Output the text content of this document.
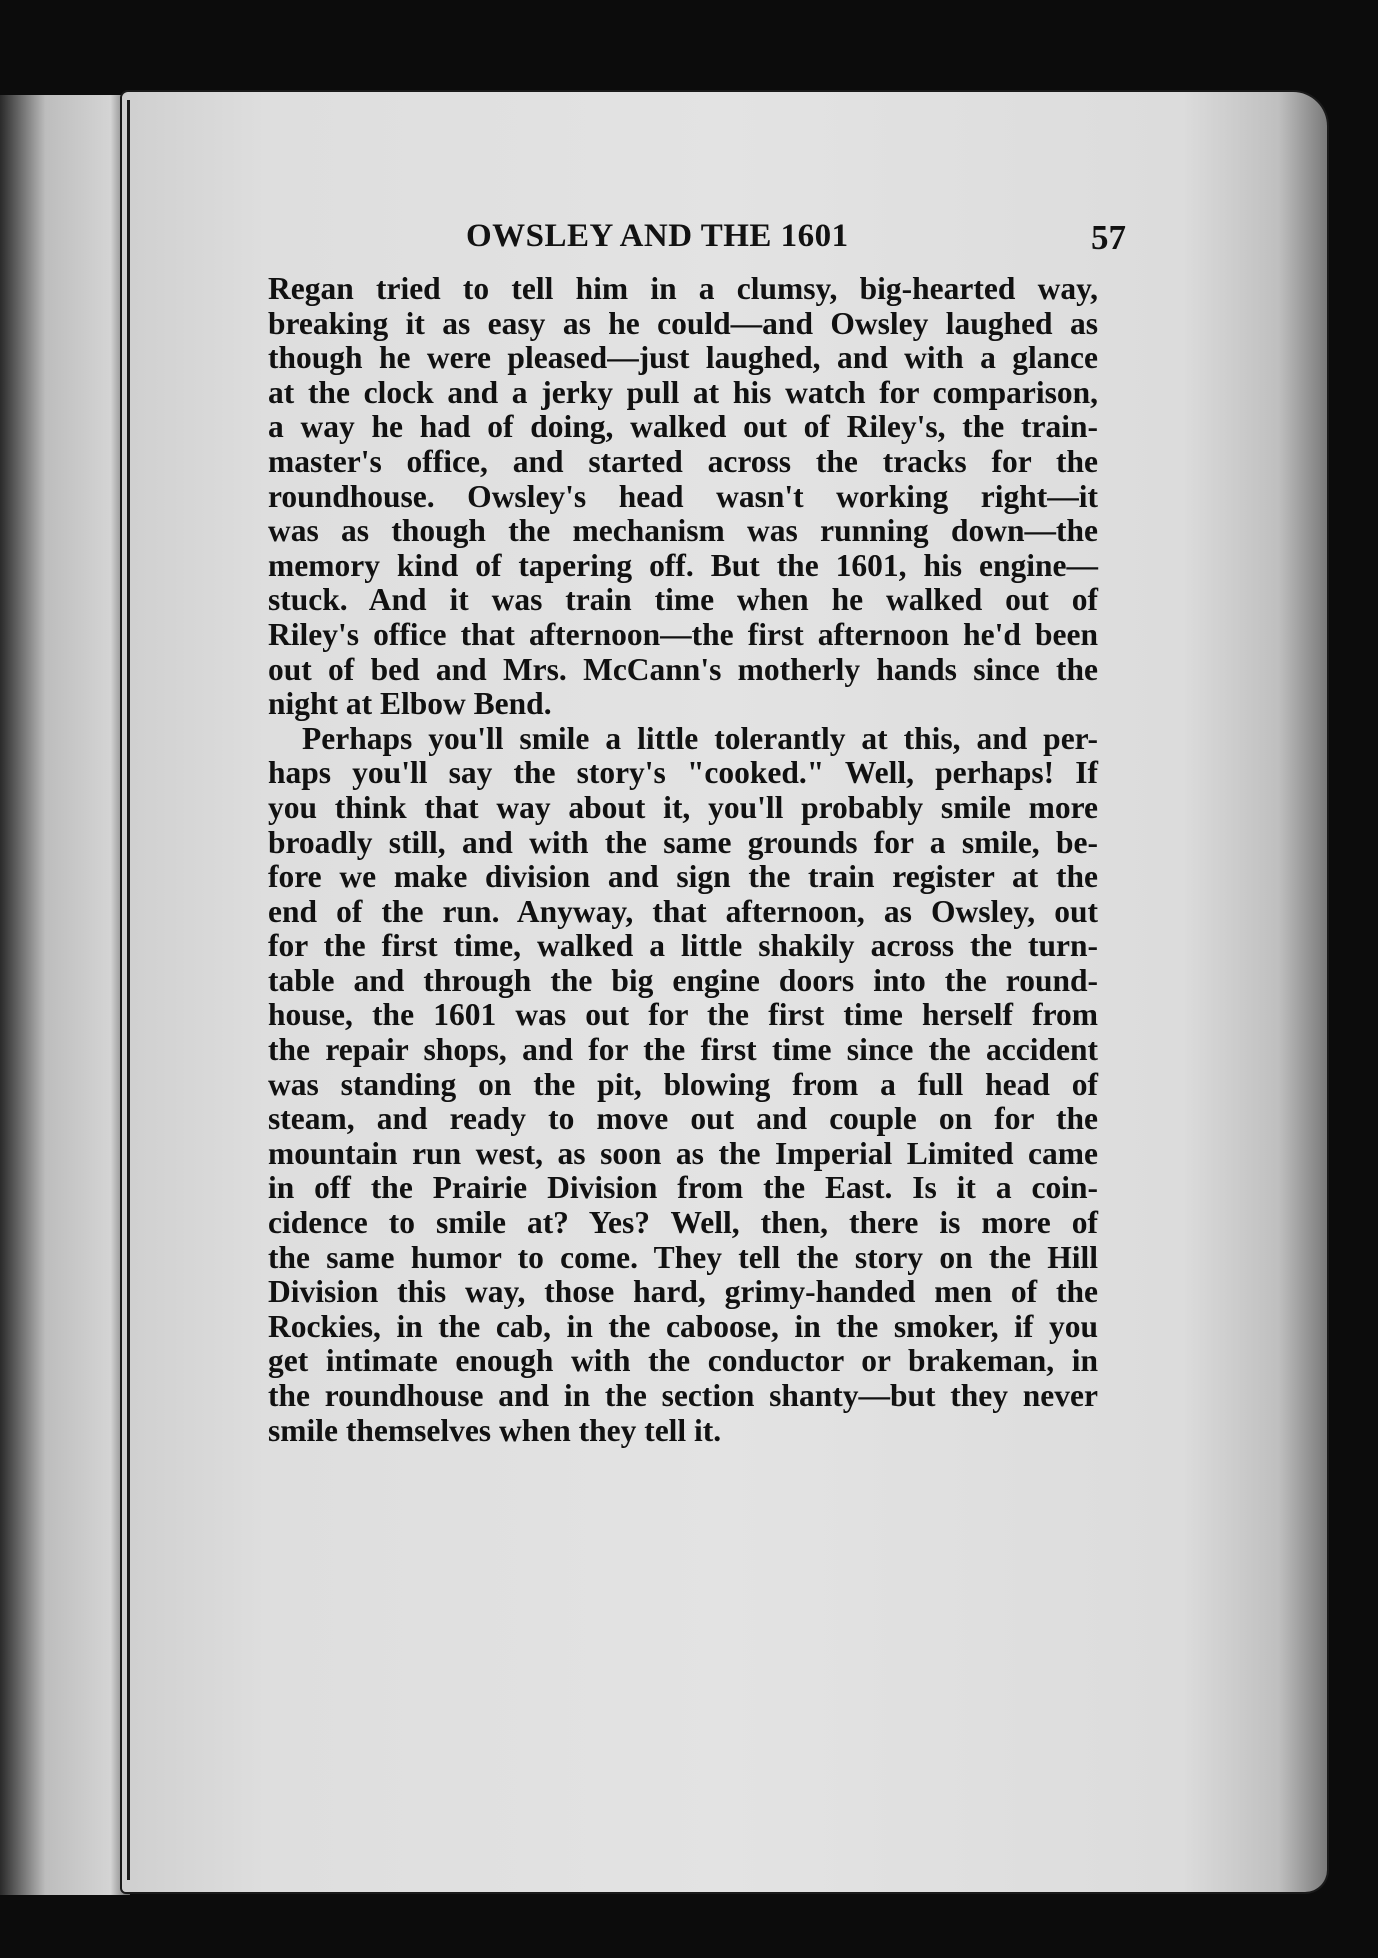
OWSLEY AND THE 1601	57
Regan tried to tell him in a clumsy, big-hearted way,
breaking it as easy as he could—and Owsley laughed as
though he were pleased—just laughed, and with a glance
at the clock and a jerky pull at his watch for comparison,
a way he had of doing, walked out of Riley's, the train-
master's office, and started across the tracks for the
roundhouse. Owsley's head wasn't working right—it
was as though the mechanism was running down—the
memory kind of tapering off. But the 1601, his engine—
stuck. And it was train time when he walked out of
Riley's office that afternoon—the first afternoon he'd been
out of bed and Mrs. McCann's motherly hands since the
night at Elbow Bend.
Perhaps you'll smile a little tolerantly at this, and per-
haps you'll say the story's "cooked." Well, perhaps! If
you think that way about it, you'll probably smile more
broadly still, and with the same grounds for a smile, be-
fore we make division and sign the train register at the
end of the run. Anyway, that afternoon, as Owsley, out
for the first time, walked a little shakily across the turn-
table and through the big engine doors into the round-
house, the 1601 was out for the first time herself from
the repair shops, and for the first time since the accident
was standing on the pit, blowing from a full head of
steam, and ready to move out and couple on for the
mountain run west, as soon as the Imperial Limited came
in off the Prairie Division from the East. Is it a coin-
cidence to smile at? Yes? Well, then, there is more of
the same humor to come. They tell the story on the Hill
Division this way, those hard, grimy-handed men of the
Rockies, in the cab, in the caboose, in the smoker, if you
get intimate enough with the conductor or brakeman, in
the roundhouse and in the section shanty—but they never
smile themselves when they tell it.
